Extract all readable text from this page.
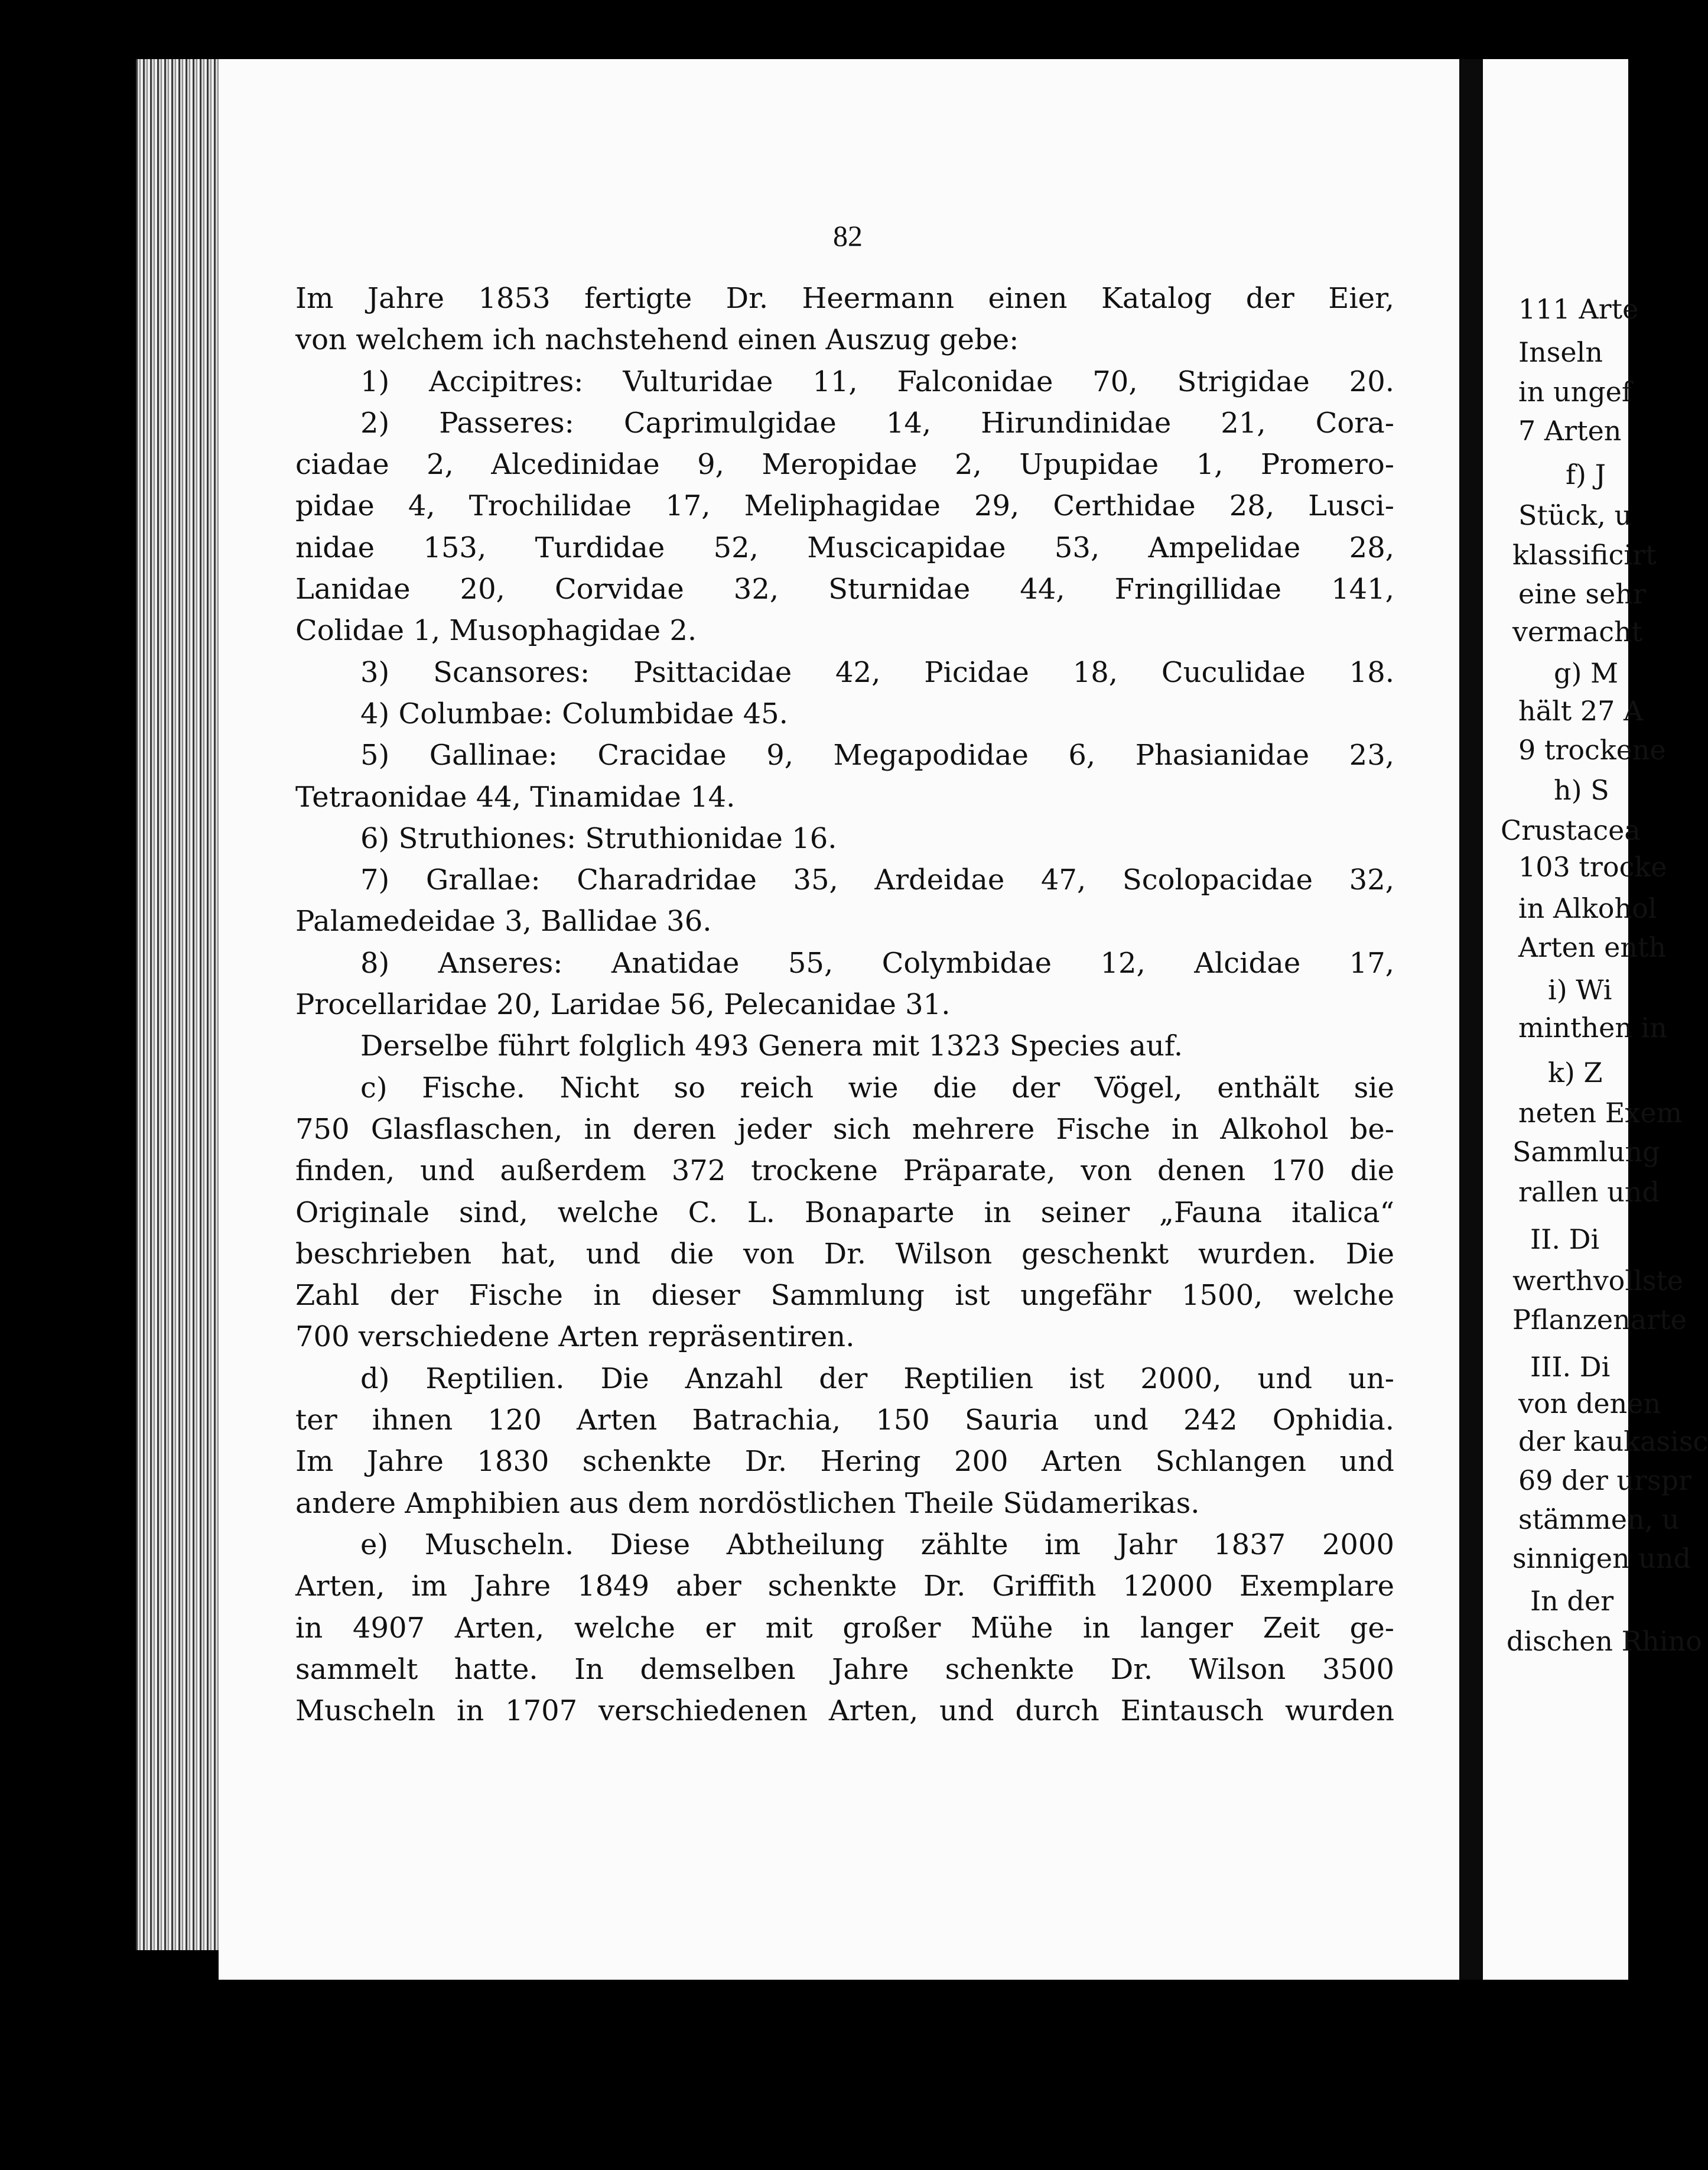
82
Im Jahre 1853 fertigte Dr. Heermann einen Katalog der Eier,
von welchem ich nachstehend einen Auszug gebe:
1) Accipitres: Vulturidae 11, Falconidae 70, Strigidae 20.
2) Passeres: Caprimulgidae 14, Hirundinidae 21, Cora-
ciadae 2, Alcedinidae 9, Meropidae 2, Upupidae 1, Promero-
pidae 4, Trochilidae 17, Meliphagidae 29, Certhidae 28, Lusci-
nidae 153, Turdidae 52, Muscicapidae 53, Ampelidae 28,
Lanidae 20, Corvidae 32, Sturnidae 44, Fringillidae 141,
Colidae 1, Musophagidae 2.
3) Scansores: Psittacidae 42, Picidae 18, Cuculidae 18.
4) Columbae: Columbidae 45.
5) Gallinae: Cracidae 9, Megapodidae 6, Phasianidae 23,
Tetraonidae 44, Tinamidae 14.
6) Struthiones: Struthionidae 16.
7) Grallae: Charadridae 35, Ardeidae 47, Scolopacidae 32,
Palamedeidae 3, Ballidae 36.
8) Anseres: Anatidae 55, Colymbidae 12, Alcidae 17,
Procellaridae 20, Laridae 56, Pelecanidae 31.
Derselbe führt folglich 493 Genera mit 1323 Species auf.
c) Fische. Nicht so reich wie die der Vögel, enthält sie
750 Glasflaschen, in deren jeder sich mehrere Fische in Alkohol be-
finden, und außerdem 372 trockene Präparate, von denen 170 die
Originale sind, welche C. L. Bonaparte in seiner „Fauna italica“
beschrieben hat, und die von Dr. Wilson geschenkt wurden. Die
Zahl der Fische in dieser Sammlung ist ungefähr 1500, welche
700 verschiedene Arten repräsentiren.
d) Reptilien. Die Anzahl der Reptilien ist 2000, und un-
ter ihnen 120 Arten Batrachia, 150 Sauria und 242 Ophidia.
Im Jahre 1830 schenkte Dr. Hering 200 Arten Schlangen und
andere Amphibien aus dem nordöstlichen Theile Südamerikas.
e) Muscheln. Diese Abtheilung zählte im Jahr 1837 2000
Arten, im Jahre 1849 aber schenkte Dr. Griffith 12000 Exemplare
in 4907 Arten, welche er mit großer Mühe in langer Zeit ge-
sammelt hatte. In demselben Jahre schenkte Dr. Wilson 3500
Muscheln in 1707 verschiedenen Arten, und durch Eintausch wurden
111 Arte
Inseln
in ungef
7 Arten
f) J
Stück, u
klassificirt
eine sehr
vermacht
g) M
hält 27 A
9 trockene
h) S
Crustacea
103 trocke
in Alkohol
Arten enth
i) Wi
minthen in
k) Z
neten Exem
Sammlung
rallen und
II. Di
werthvollste
Pflanzenarte
III. Di
von denen
der kaukasisc
69 der urspr
stämmen, u
sinnigen und
In der
dischen Rhino
